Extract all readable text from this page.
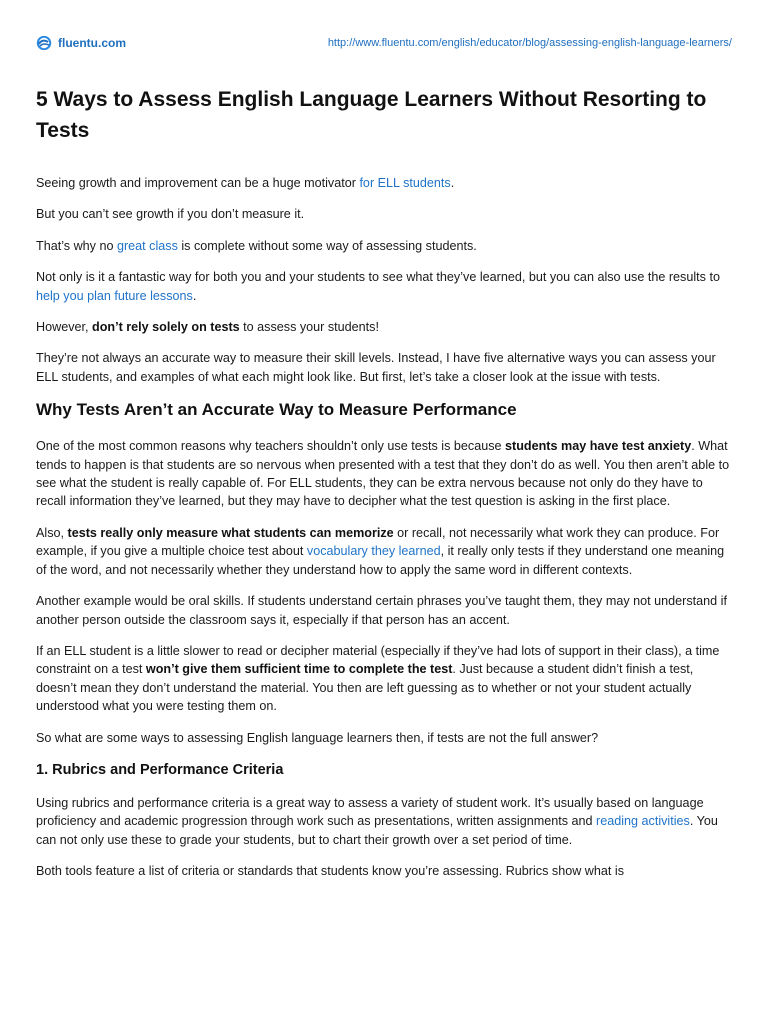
fluentu.com	http://www.fluentu.com/english/educator/blog/assessing-english-language-learners/
5 Ways to Assess English Language Learners Without Resorting to Tests

Seeing growth and improvement can be a huge motivator for ELL students.

But you can’t see growth if you don’t measure it.

That’s why no great class is complete without some way of assessing students.

Not only is it a fantastic way for both you and your students to see what they’ve learned, but you can also use the results to help you plan future lessons.

However, don’t rely solely on tests to assess your students!

They’re not always an accurate way to measure their skill levels. Instead, I have five alternative ways you can assess your ELL students, and examples of what each might look like. But first, let’s take a closer look at the issue with tests.

Why Tests Aren’t an Accurate Way to Measure Performance

One of the most common reasons why teachers shouldn’t only use tests is because students may have test anxiety. What tends to happen is that students are so nervous when presented with a test that they don’t do as well. You then aren’t able to see what the student is really capable of. For ELL students, they can be extra nervous because not only do they have to recall information they’ve learned, but they may have to decipher what the test question is asking in the first place.

Also, tests really only measure what students can memorize or recall, not necessarily what work they can produce. For example, if you give a multiple choice test about vocabulary they learned, it really only tests if they understand one meaning of the word, and not necessarily whether they understand how to apply the same word in different contexts.

Another example would be oral skills. If students understand certain phrases you’ve taught them, they may not understand if another person outside the classroom says it, especially if that person has an accent.

If an ELL student is a little slower to read or decipher material (especially if they’ve had lots of support in their class), a time constraint on a test won’t give them sufficient time to complete the test. Just because a student didn’t finish a test, doesn’t mean they don’t understand the material. You then are left guessing as to whether or not your student actually understood what you were testing them on.

So what are some ways to assessing English language learners then, if tests are not the full answer?

1. Rubrics and Performance Criteria

Using rubrics and performance criteria is a great way to assess a variety of student work. It’s usually based on language proficiency and academic progression through work such as presentations, written assignments and reading activities. You can not only use these to grade your students, but to chart their growth over a set period of time.

Both tools feature a list of criteria or standards that students know you’re assessing. Rubrics show what is
